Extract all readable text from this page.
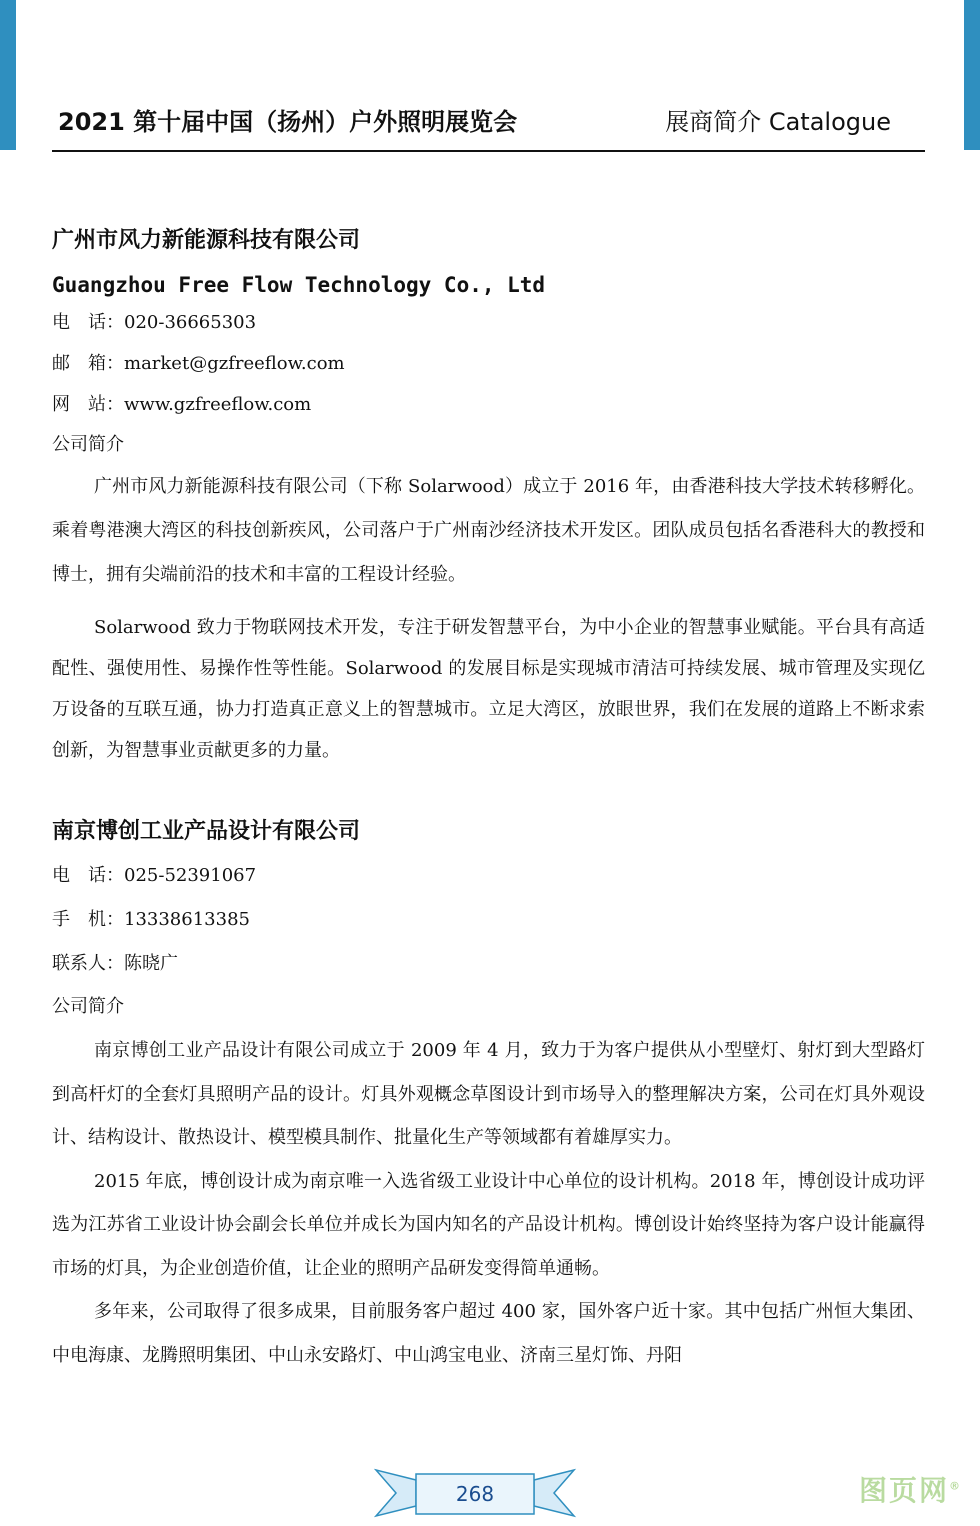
2021 第十届中国（扬州）户外照明展览会	展商简介 Catalogue

广州市风力新能源科技有限公司

Guangzhou Free Flow Technology Co., Ltd

电　话：020-36665303

邮　箱：market@gzfreeflow.com

网　站：www.gzfreeflow.com

公司简介

广州市风力新能源科技有限公司（下称 Solarwood）成立于 2016 年，由香港科技大学技术转移孵化。乘着粤港澳大湾区的科技创新疾风，公司落户于广州南沙经济技术开发区。团队成员包括名香港科大的教授和博士，拥有尖端前沿的技术和丰富的工程设计经验。

Solarwood 致力于物联网技术开发，专注于研发智慧平台，为中小企业的智慧事业赋能。平台具有高适配性、强使用性、易操作性等性能。Solarwood 的发展目标是实现城市清洁可持续发展、城市管理及实现亿万设备的互联互通，协力打造真正意义上的智慧城市。立足大湾区，放眼世界，我们在发展的道路上不断求索创新，为智慧事业贡献更多的力量。

南京博创工业产品设计有限公司

电　话：025-52391067

手　机：13338613385

联系人：陈晓广

公司简介

南京博创工业产品设计有限公司成立于 2009 年 4 月，致力于为客户提供从小型壁灯、射灯到大型路灯到高杆灯的全套灯具照明产品的设计。灯具外观概念草图设计到市场导入的整理解决方案，公司在灯具外观设计、结构设计、散热设计、模型模具制作、批量化生产等领域都有着雄厚实力。

2015 年底，博创设计成为南京唯一入选省级工业设计中心单位的设计机构。2018 年，博创设计成功评选为江苏省工业设计协会副会长单位并成长为国内知名的产品设计机构。博创设计始终坚持为客户设计能赢得市场的灯具，为企业创造价值，让企业的照明产品研发变得简单通畅。

多年来，公司取得了很多成果，目前服务客户超过 400 家，国外客户近十家。其中包括广州恒大集团、中电海康、龙腾照明集团、中山永安路灯、中山鸿宝电业、济南三星灯饰、丹阳

268	图页网®
